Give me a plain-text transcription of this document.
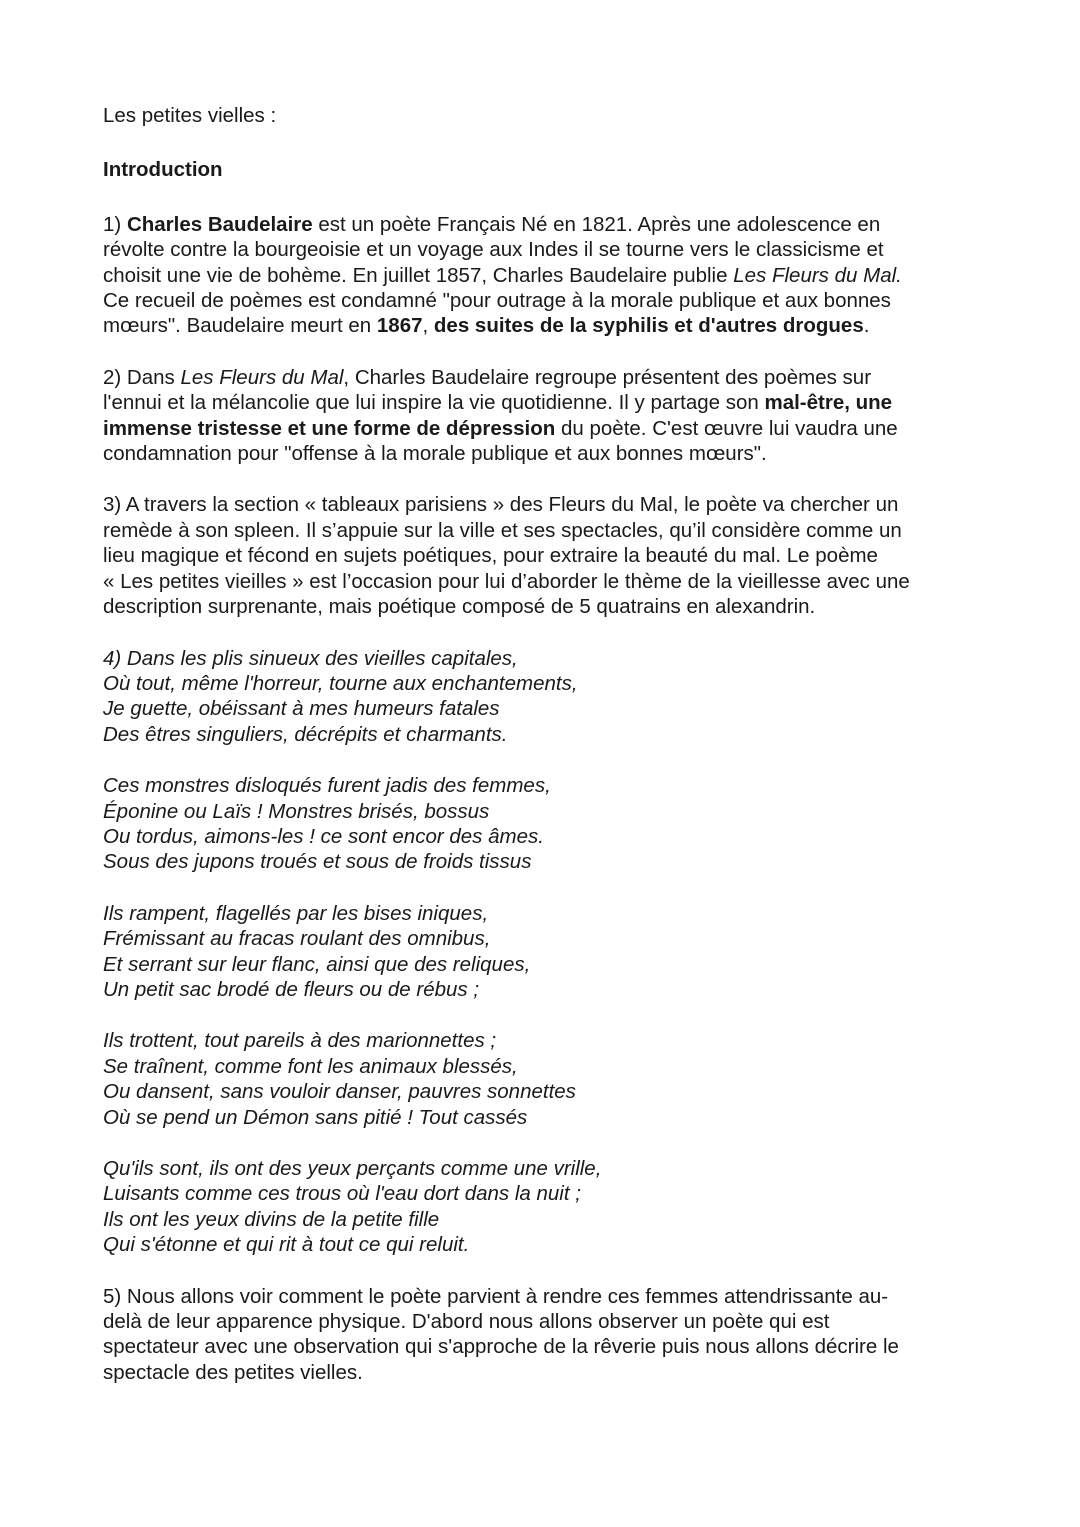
Les petites vielles :
Introduction
1) Charles Baudelaire est un poète Français Né en 1821. Après une adolescence en
révolte contre la bourgeoisie et un voyage aux Indes il se tourne vers le classicisme et
choisit une vie de bohème. En juillet 1857, Charles Baudelaire publie Les Fleurs du Mal.
Ce recueil de poèmes est condamné "pour outrage à la morale publique et aux bonnes
mœurs". Baudelaire meurt en 1867, des suites de la syphilis et d'autres drogues.
2) Dans Les Fleurs du Mal, Charles Baudelaire regroupe présentent des poèmes sur
l'ennui et la mélancolie que lui inspire la vie quotidienne. Il y partage son mal-être, une
immense tristesse et une forme de dépression du poète. C'est œuvre lui vaudra une
condamnation pour "offense à la morale publique et aux bonnes mœurs".
3) A travers la section « tableaux parisiens » des Fleurs du Mal, le poète va chercher un
remède à son spleen. Il s’appuie sur la ville et ses spectacles, qu’il considère comme un
lieu magique et fécond en sujets poétiques, pour extraire la beauté du mal. Le poème
« Les petites vieilles » est l’occasion pour lui d’aborder le thème de la vieillesse avec une
description surprenante, mais poétique composé de 5 quatrains en alexandrin.
4) Dans les plis sinueux des vieilles capitales,
Où tout, même l'horreur, tourne aux enchantements,
Je guette, obéissant à mes humeurs fatales
Des êtres singuliers, décrépits et charmants.
Ces monstres disloqués furent jadis des femmes,
Éponine ou Laïs ! Monstres brisés, bossus
Ou tordus, aimons-les ! ce sont encor des âmes.
Sous des jupons troués et sous de froids tissus
Ils rampent, flagellés par les bises iniques,
Frémissant au fracas roulant des omnibus,
Et serrant sur leur flanc, ainsi que des reliques,
Un petit sac brodé de fleurs ou de rébus ;
Ils trottent, tout pareils à des marionnettes ;
Se traînent, comme font les animaux blessés,
Ou dansent, sans vouloir danser, pauvres sonnettes
Où se pend un Démon sans pitié ! Tout cassés
Qu'ils sont, ils ont des yeux perçants comme une vrille,
Luisants comme ces trous où l'eau dort dans la nuit ;
Ils ont les yeux divins de la petite fille
Qui s'étonne et qui rit à tout ce qui reluit.
5) Nous allons voir comment le poète parvient à rendre ces femmes attendrissante au-
delà de leur apparence physique. D'abord nous allons observer un poète qui est
spectateur avec une observation qui s'approche de la rêverie puis nous allons décrire le
spectacle des petites vielles.
